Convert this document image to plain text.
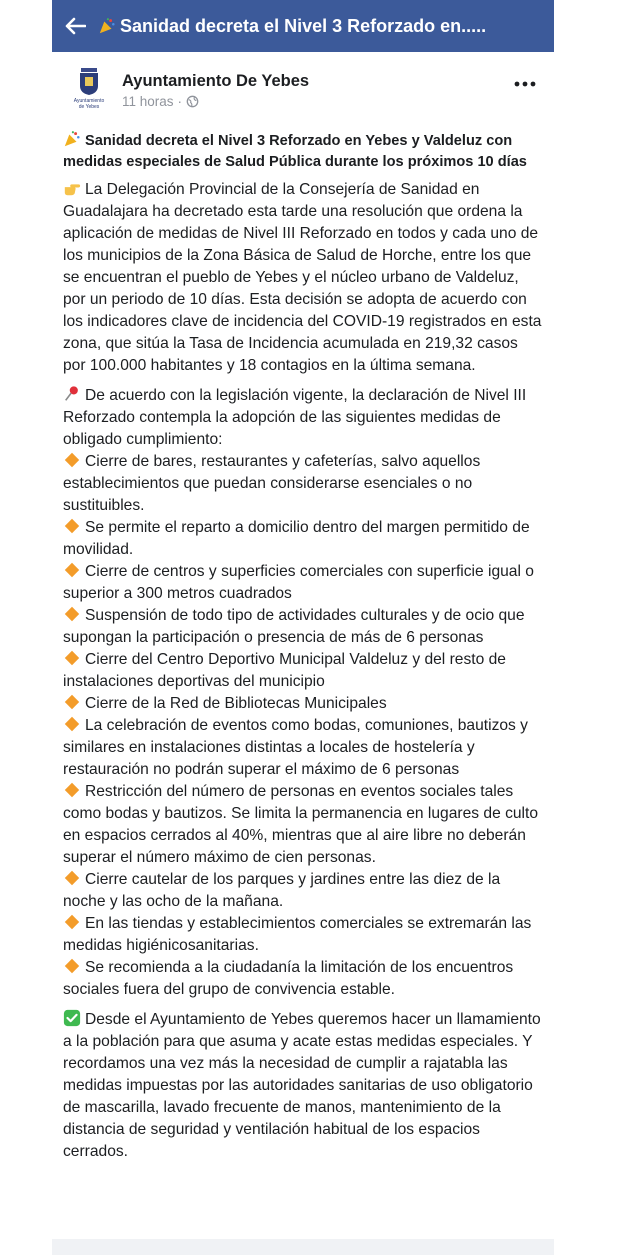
Sanidad decreta el Nivel 3 Reforzado en.....
Ayuntamiento
de Yebes
Ayuntamiento De Yebes
11 horas ·
Sanidad decreta el Nivel 3 Reforzado en Yebes y Valdeluz con medidas especiales de Salud Pública durante los próximos 10 días
La Delegación Provincial de la Consejería de Sanidad en Guadalajara ha decretado esta tarde una resolución que ordena la aplicación de medidas de Nivel III Reforzado en todos y cada uno de los municipios de la Zona Básica de Salud de Horche, entre los que se encuentran el pueblo de Yebes y el núcleo urbano de Valdeluz, por un periodo de 10 días. Esta decisión se adopta de acuerdo con los indicadores clave de incidencia del COVID-19 registrados en esta zona, que sitúa la Tasa de Incidencia acumulada en 219,32 casos por 100.000 habitantes y 18 contagios en la última semana.
De acuerdo con la legislación vigente, la declaración de Nivel III Reforzado contempla la adopción de las siguientes medidas de obligado cumplimiento:
Cierre de bares, restaurantes y cafeterías, salvo aquellos establecimientos que puedan considerarse esenciales o no sustituibles.
Se permite el reparto a domicilio dentro del margen permitido de movilidad.
Cierre de centros y superficies comerciales con superficie igual o superior a 300 metros cuadrados
Suspensión de todo tipo de actividades culturales y de ocio que supongan la participación o presencia de más de 6 personas
Cierre del Centro Deportivo Municipal Valdeluz y del resto de instalaciones deportivas del municipio
Cierre de la Red de Bibliotecas Municipales
La celebración de eventos como bodas, comuniones, bautizos y similares en instalaciones distintas a locales de hostelería y restauración no podrán superar el máximo de 6 personas
Restricción del número de personas en eventos sociales tales como bodas y bautizos. Se limita la permanencia en lugares de culto en espacios cerrados al 40%, mientras que al aire libre no deberán superar el número máximo de cien personas.
Cierre cautelar de los parques y jardines entre las diez de la noche y las ocho de la mañana.
En las tiendas y establecimientos comerciales se extremarán las medidas higiénicosanitarias.
Se recomienda a la ciudadanía la limitación de los encuentros sociales fuera del grupo de convivencia estable.
Desde el Ayuntamiento de Yebes queremos hacer un llamamiento a la población para que asuma y acate estas medidas especiales. Y recordamos una vez más la necesidad de cumplir a rajatabla las medidas impuestas por las autoridades sanitarias de uso obligatorio de mascarilla, lavado frecuente de manos, mantenimiento de la distancia de seguridad y ventilación habitual de los espacios cerrados.
